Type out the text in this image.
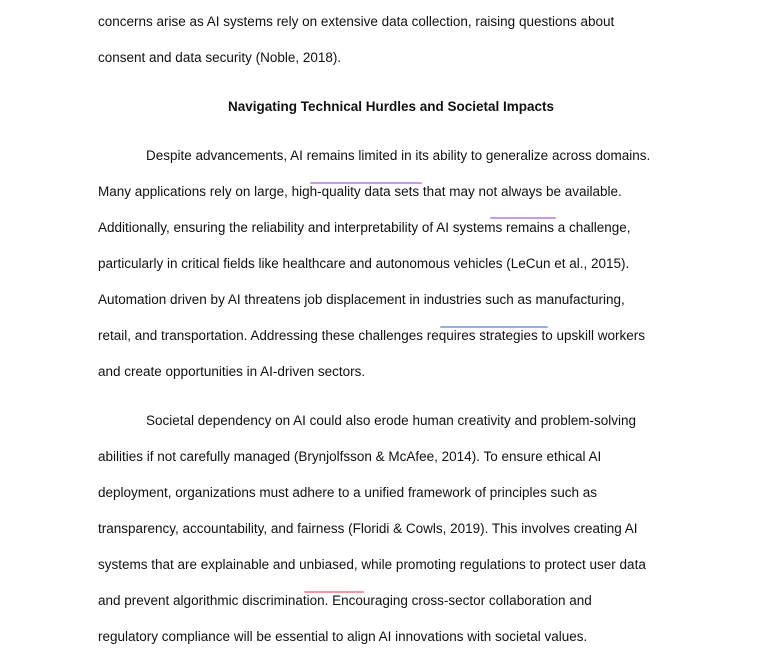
concerns arise as AI systems rely on extensive data collection, raising questions about
consent and data security (Noble, 2018).
Navigating Technical Hurdles and Societal Impacts
Despite advancements, AI remains limited in its ability to generalize across domains.
Many applications rely on large, high-quality data sets that may not always be available.
Additionally, ensuring the reliability and interpretability of AI systems remains a challenge,
particularly in critical fields like healthcare and autonomous vehicles (LeCun et al., 2015).
Automation driven by AI threatens job displacement in industries such as manufacturing,
retail, and transportation. Addressing these challenges requires strategies to upskill workers
and create opportunities in AI-driven sectors.
Societal dependency on AI could also erode human creativity and problem-solving
abilities if not carefully managed (Brynjolfsson & McAfee, 2014). To ensure ethical AI
deployment, organizations must adhere to a unified framework of principles such as
transparency, accountability, and fairness (Floridi & Cowls, 2019). This involves creating AI
systems that are explainable and unbiased, while promoting regulations to protect user data
and prevent algorithmic discrimination. Encouraging cross-sector collaboration and
regulatory compliance will be essential to align AI innovations with societal values.
